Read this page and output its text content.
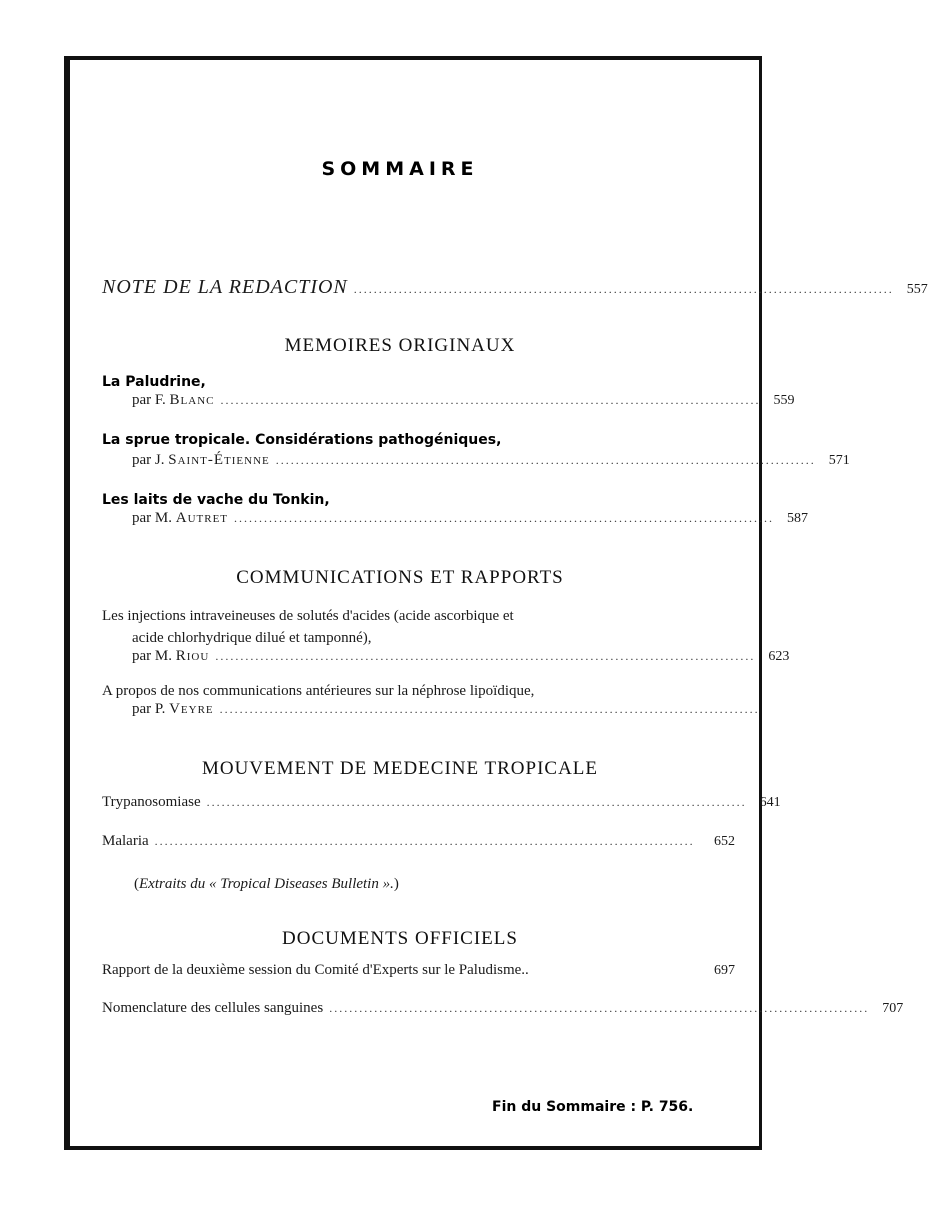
SOMMAIRE
NOTE DE LA REDACTION ............................................................................................................ 557
MEMOIRES ORIGINAUX
La Paludrine,
par F. Blanc ............................................................................................................ 559
La sprue tropicale. Considérations pathogéniques,
par J. Saint-Étienne ............................................................................................................ 571
Les laits de vache du Tonkin,
par M. Autret ............................................................................................................ 587
COMMUNICATIONS ET RAPPORTS
Les injections intraveineuses de solutés d'acides (acide ascorbique et
acide chlorhydrique dilué et tamponné),
par M. Riou ............................................................................................................ 623
A propos de nos communications antérieures sur la néphrose lipoïdique,
par P. Veyre ............................................................................................................
MOUVEMENT DE MEDECINE TROPICALE
Trypanosomiase ............................................................................................................ 641
Malaria ............................................................................................................	652
(Extraits du « Tropical Diseases Bulletin ».)
DOCUMENTS OFFICIELS
Rapport de la deuxième session du Comité d'Experts sur le Paludisme..	697
Nomenclature des cellules sanguines ............................................................................................................ 707
Fin du Sommaire : P. 756.
